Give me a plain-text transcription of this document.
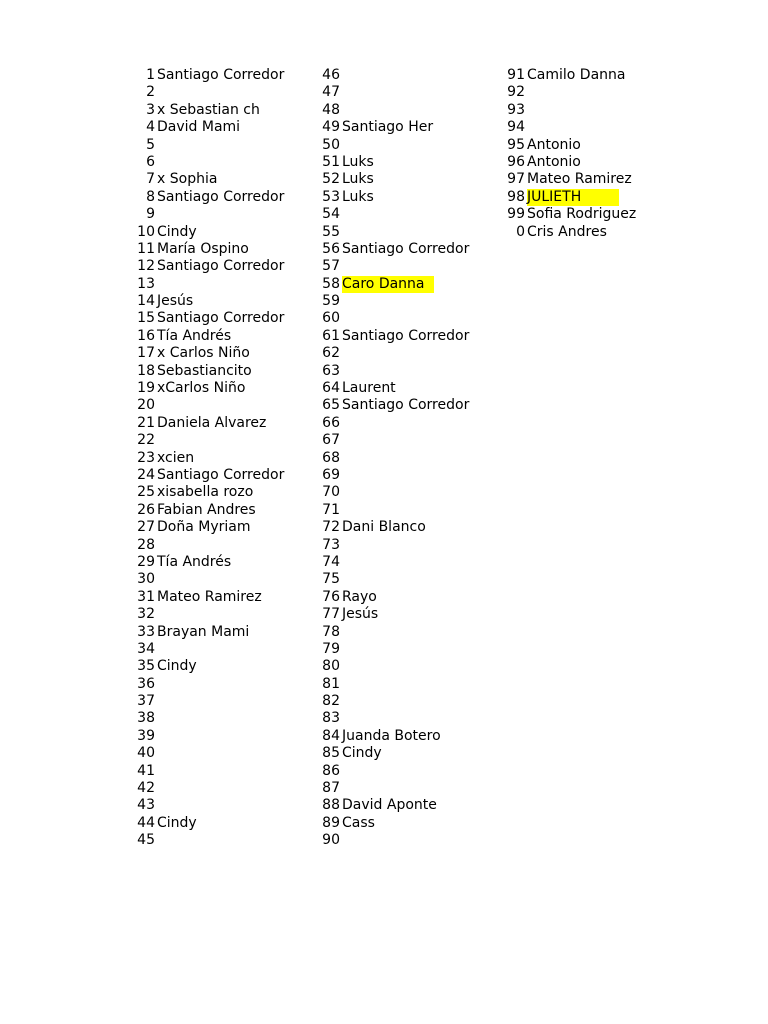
1 Santiago Corredor
2
3 x Sebastian ch
4 David Mami
5
6
7 x Sophia
8 Santiago Corredor
9
10 Cindy
11 María Ospino
12 Santiago Corredor
13
14 Jesús
15 Santiago Corredor
16 Tía Andrés
17 x Carlos Niño
18 Sebastiancito
19 xCarlos Niño
20
21 Daniela Alvarez
22
23 xcien
24 Santiago Corredor
25 xisabella rozo
26 Fabian Andres
27 Doña Myriam
28
29 Tía Andrés
30
31 Mateo Ramirez
32
33 Brayan Mami
34
35 Cindy
36
37
38
39
40
41
42
43
44 Cindy
45
46
47
48
49 Santiago Her
50
51 Luks
52 Luks
53 Luks
54
55
56 Santiago Corredor
57
58 Caro Danna
59
60
61 Santiago Corredor
62
63
64 Laurent
65 Santiago Corredor
66
67
68
69
70
71
72 Dani Blanco
73
74
75
76 Rayo
77 Jesús
78
79
80
81
82
83
84 Juanda Botero
85 Cindy
86
87
88 David Aponte
89 Cass
90
91 Camilo Danna
92
93
94
95 Antonio
96 Antonio
97 Mateo Ramirez
98 JULIETH
99 Sofia Rodriguez
0 Cris Andres
